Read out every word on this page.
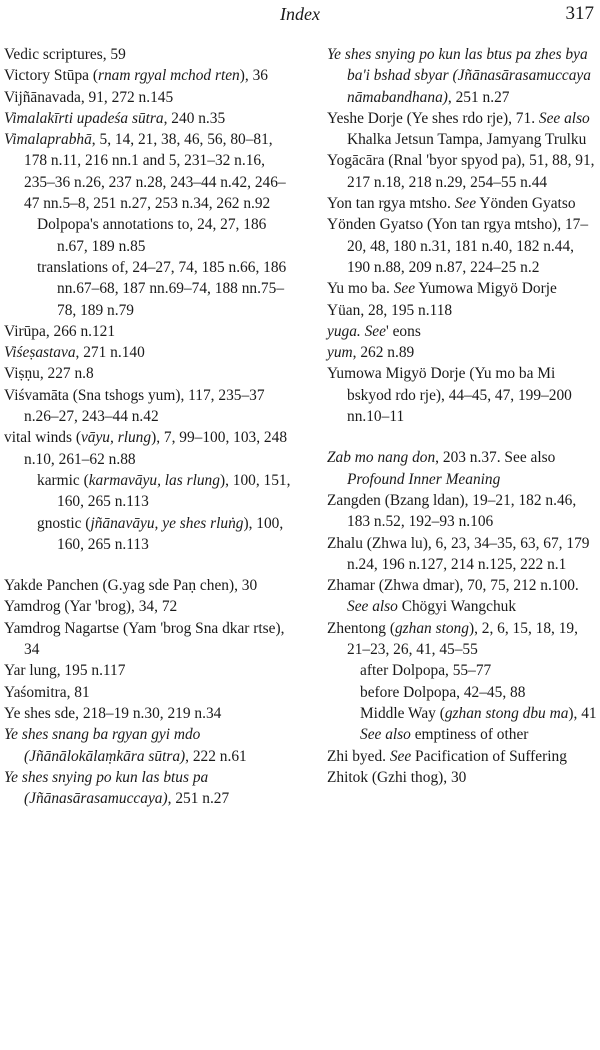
Index	317
Vedic scriptures, 59
Victory Stūpa (rnam rgyal mchod rten), 36
Vijñānavada, 91, 272 n.145
Vimalakīrti upadeśa sūtra, 240 n.35
Vimalaprabhā, 5, 14, 21, 38, 46, 56, 80–81, 178 n.11, 216 nn.1 and 5, 231–32 n.16, 235–36 n.26, 237 n.28, 243–44 n.42, 246–47 nn.5–8, 251 n.27, 253 n.34, 262 n.92
Dolpopa's annotations to, 24, 27, 186 n.67, 189 n.85
translations of, 24–27, 74, 185 n.66, 186 nn.67–68, 187 nn.69–74, 188 nn.75–78, 189 n.79
Virūpa, 266 n.121
Viśeṣastava, 271 n.140
Viṣṇu, 227 n.8
Viśvamāta (Sna tshogs yum), 117, 235–37 n.26–27, 243–44 n.42
vital winds (vāyu, rlung), 7, 99–100, 103, 248 n.10, 261–62 n.88
karmic (karmavāyu, las rlung), 100, 151, 160, 265 n.113
gnostic (jñānavāyu, ye shes rluṅg), 100, 160, 265 n.113
Yakde Panchen (G.yag sde Paṇ chen), 30
Yamdrog (Yar 'brog), 34, 72
Yamdrog Nagartse (Yam 'brog Sna dkar rtse), 34
Yar lung, 195 n.117
Yaśomitra, 81
Ye shes sde, 218–19 n.30, 219 n.34
Ye shes snang ba rgyan gyi mdo (Jñānālokālaṃkāra sūtra), 222 n.61
Ye shes snying po kun las btus pa (Jñānasārasamuccaya), 251 n.27
Ye shes snying po kun las btus pa zhes bya ba'i bshad sbyar (Jñānasārasamuccaya nāmabandhana), 251 n.27
Yeshe Dorje (Ye shes rdo rje), 71. See also Khalka Jetsun Tampa, Jamyang Trulku
Yogācāra (Rnal 'byor spyod pa), 51, 88, 91, 217 n.18, 218 n.29, 254–55 n.44
Yon tan rgya mtsho. See Yönden Gyatso
Yönden Gyatso (Yon tan rgya mtsho), 17–20, 48, 180 n.31, 181 n.40, 182 n.44, 190 n.88, 209 n.87, 224–25 n.2
Yu mo ba. See Yumowa Migyö Dorje
Yüan, 28, 195 n.118
yuga. See' eons
yum, 262 n.89
Yumowa Migyö Dorje (Yu mo ba Mi bskyod rdo rje), 44–45, 47, 199–200 nn.10–11
Zab mo nang don, 203 n.37. See also Profound Inner Meaning
Zangden (Bzang ldan), 19–21, 182 n.46, 183 n.52, 192–93 n.106
Zhalu (Zhwa lu), 6, 23, 34–35, 63, 67, 179 n.24, 196 n.127, 214 n.125, 222 n.1
Zhamar (Zhwa dmar), 70, 75, 212 n.100. See also Chögyi Wangchuk
Zhentong (gzhan stong), 2, 6, 15, 18, 19, 21–23, 26, 41, 45–55
after Dolpopa, 55–77
before Dolpopa, 42–45, 88
Middle Way (gzhan stong dbu ma), 41
See also emptiness of other
Zhi byed. See Pacification of Suffering
Zhitok (Gzhi thog), 30
